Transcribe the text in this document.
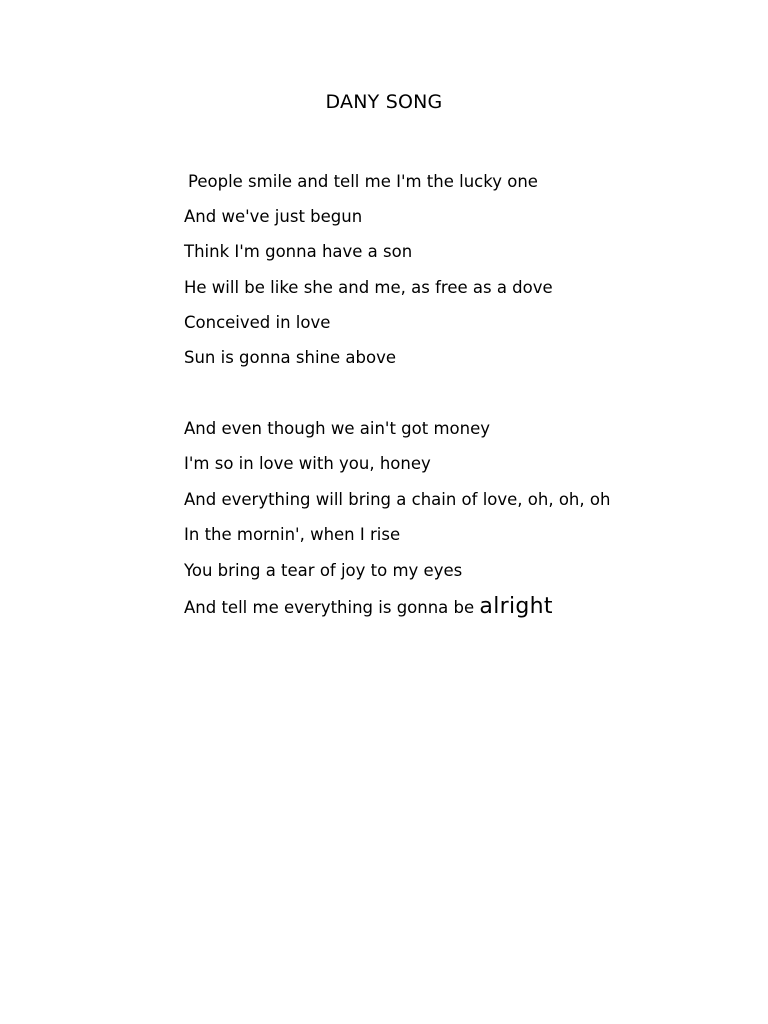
DANY SONG
People smile and tell me I'm the lucky one
And we've just begun
Think I'm gonna have a son
He will be like she and me, as free as a dove
Conceived in love
Sun is gonna shine above
And even though we ain't got money
I'm so in love with you, honey
And everything will bring a chain of love, oh, oh, oh
In the mornin', when I rise
You bring a tear of joy to my eyes
And tell me everything is gonna be alright
